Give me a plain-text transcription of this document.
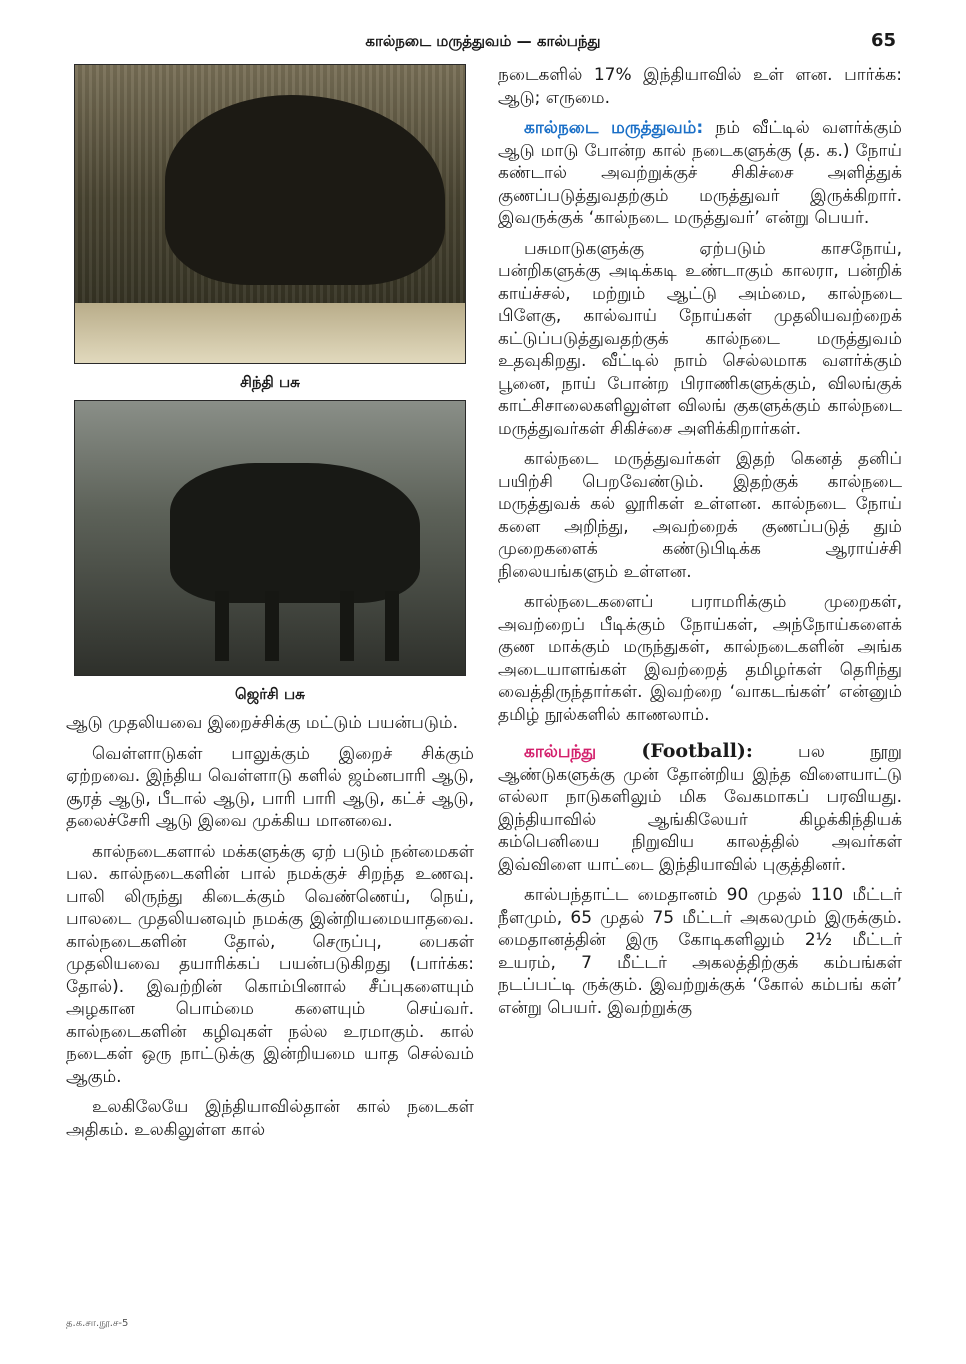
கால்நடை மருத்துவம் — கால்பந்து	65
சிந்தி பசு
ஜெர்சி பசு

ஆடு முதலியவை இறைச்சிக்கு மட்டும் பயன்படும்.

வெள்ளாடுகள் பாலுக்கும் இறைச் சிக்கும் ஏற்றவை. இந்திய வெள்ளாடு களில் ஜம்னபாரி ஆடு, சூரத் ஆடு, பீடால் ஆடு, பாரி பாரி ஆடு, கட்ச் ஆடு, தலைச்சேரி ஆடு இவை முக்கிய மானவை.

கால்நடைகளால் மக்களுக்கு ஏற் படும் நன்மைகள் பல. கால்நடைகளின் பால் நமக்குச் சிறந்த உணவு. பாலி லிருந்து கிடைக்கும் வெண்ணெய், நெய், பாலடை முதலியனவும் நமக்கு இன்றியமையாதவை. கால்நடைகளின் தோல், செருப்பு, பைகள் முதலியவை தயாரிக்கப் பயன்படுகிறது (பார்க்க: தோல்). இவற்றின் கொம்பினால் சீப்புகளையும் அழகான பொம்மை களையும் செய்வர். கால்நடைகளின் கழிவுகள் நல்ல உரமாகும். கால் நடைகள் ஒரு நாட்டுக்கு இன்றியமை யாத செல்வம் ஆகும்.

உலகிலேயே இந்தியாவில்தான் கால் நடைகள் அதிகம். உலகிலுள்ள கால்

நடைகளில் 17% இந்தியாவில் உள் ளன. பார்க்க: ஆடு; எருமை.

கால்நடை மருத்துவம்: நம் வீட்டில் வளர்க்கும் ஆடு மாடு போன்ற கால் நடைகளுக்கு (த. க.) நோய் கண்டால் அவற்றுக்குச் சிகிச்சை அளித்துக் குணப்படுத்துவதற்கும் மருத்துவர் இருக்கிறார். இவருக்குக் ‘கால்நடை மருத்துவர்’ என்று பெயர்.

பசுமாடுகளுக்கு ஏற்படும் காசநோய், பன்றிகளுக்கு அடிக்கடி உண்டாகும் காலரா, பன்றிக் காய்ச்சல், மற்றும் ஆட்டு அம்மை, கால்நடை பிளேகு, கால்வாய் நோய்கள் முதலியவற்றைக் கட்டுப்படுத்துவதற்குக் கால்நடை மருத்துவம் உதவுகிறது. வீட்டில் நாம் செல்லமாக வளர்க்கும் பூனை, நாய் போன்ற பிராணிகளுக்கும், விலங்குக் காட்சிசாலைகளிலுள்ள விலங் குகளுக்கும் கால்நடை மருத்துவர்கள் சிகிச்சை அளிக்கிறார்கள்.

கால்நடை மருத்துவர்கள் இதற் கெனத் தனிப் பயிற்சி பெறவேண்டும். இதற்குக் கால்நடை மருத்துவக் கல் லூரிகள் உள்ளன. கால்நடை நோய் களை அறிந்து, அவற்றைக் குணப்படுத் தும் முறைகளைக் கண்டுபிடிக்க ஆராய்ச்சி நிலையங்களும் உள்ளன.

கால்நடைகளைப் பராமரிக்கும் முறைகள், அவற்றைப் பீடிக்கும் நோய்கள், அந்நோய்களைக் குண மாக்கும் மருந்துகள், கால்நடைகளின் அங்க அடையாளங்கள் இவற்றைத் தமிழர்கள் தெரிந்து வைத்திருந்தார்கள். இவற்றை ‘வாகடங்கள்’ என்னும் தமிழ் நூல்களில் காணலாம்.

கால்பந்து (Football): பல நூறு ஆண்டுகளுக்கு முன் தோன்றிய இந்த விளையாட்டு எல்லா நாடுகளிலும் மிக வேகமாகப் பரவியது. இந்தியாவில் ஆங்கிலேயர் கிழக்கிந்தியக் கம்பெனியை நிறுவிய காலத்தில் அவர்கள் இவ்விளை யாட்டை இந்தியாவில் புகுத்தினர்.

கால்பந்தாட்ட மைதானம் 90 முதல் 110 மீட்டர் நீளமும், 65 முதல் 75 மீட்டர் அகலமும் இருக்கும். மைதானத்தின் இரு கோடிகளிலும் 2½ மீட்டர் உயரம், 7 மீட்டர் அகலத்திற்குக் கம்பங்கள் நடப்பட்டி ருக்கும். இவற்றுக்குக் ‘கோல் கம்பங் கள்’ என்று பெயர். இவற்றுக்கு

த.க.சா.நூ.ச-5
